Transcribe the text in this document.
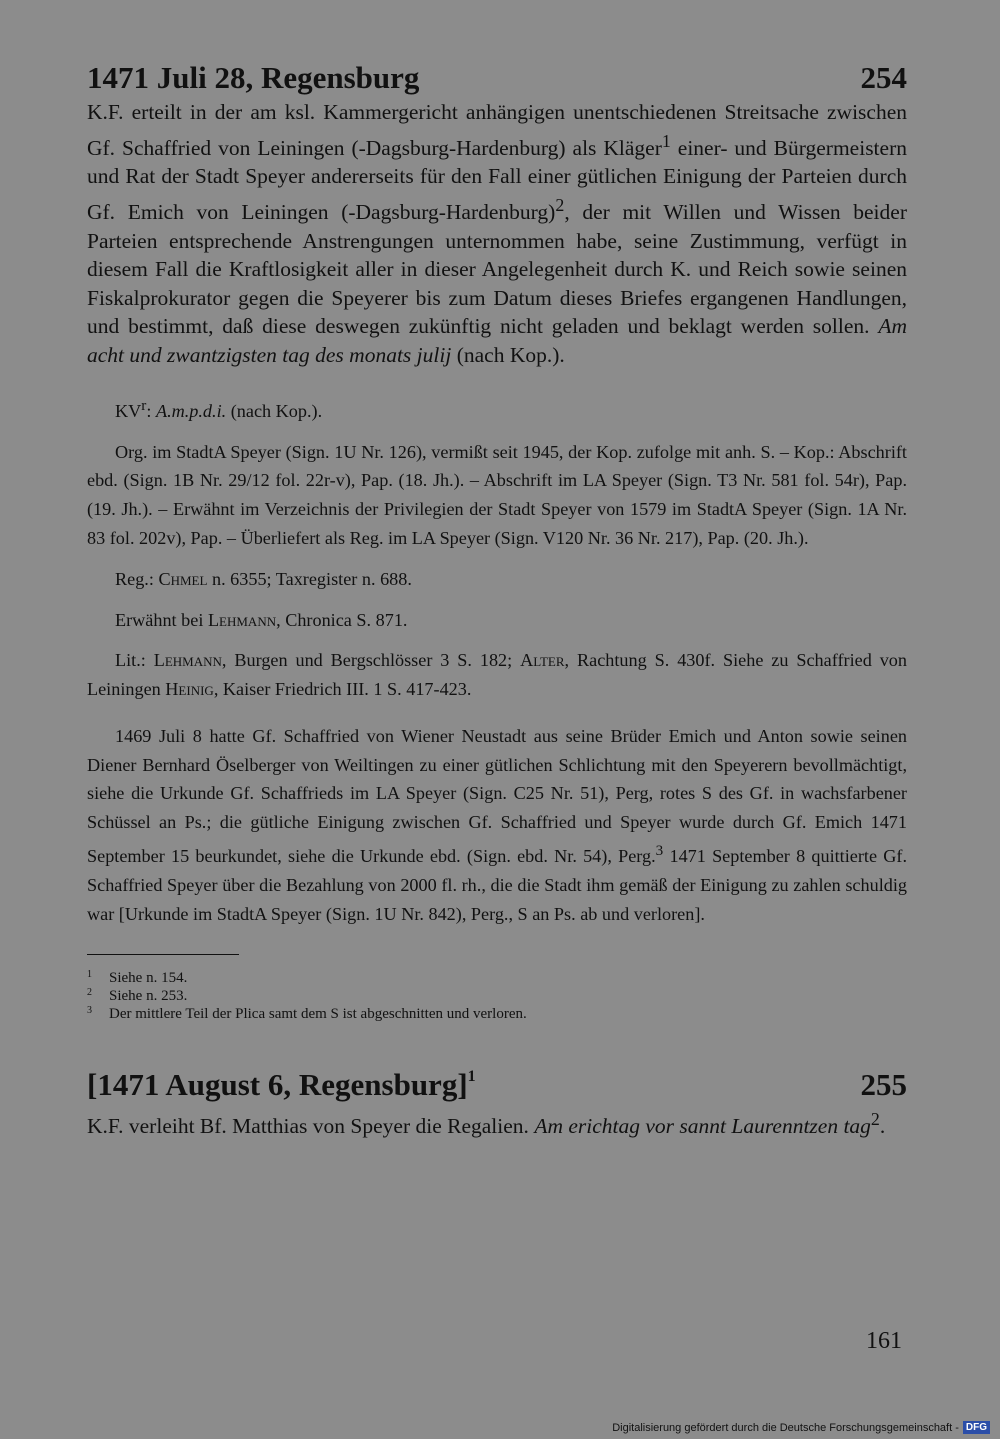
1471 Juli 28, Regensburg	254

K.F. erteilt in der am ksl. Kammergericht anhängigen unentschiedenen Streitsache zwischen Gf. Schaffried von Leiningen (-Dagsburg-Hardenburg) als Kläger$^1$ einer- und Bürgermeistern und Rat der Stadt Speyer andererseits für den Fall einer gütlichen Einigung der Parteien durch Gf. Emich von Leiningen (-Dagsburg-Hardenburg)$^2$, der mit Willen und Wissen beider Parteien entsprechende Anstrengungen unternommen habe, seine Zustimmung, verfügt in diesem Fall die Kraftlosigkeit aller in dieser Angelegenheit durch K. und Reich sowie seinen Fiskalprokurator gegen die Speyerer bis zum Datum dieses Briefes ergangenen Handlungen, und bestimmt, daß diese deswegen zukünftig nicht geladen und beklagt werden sollen. Am acht und zwantzigsten tag des monats julij (nach Kop.).

$KV^r$: A.m.p.d.i. (nach Kop.).

Org. im StadtA Speyer (Sign. 1U Nr. 126), vermißt seit 1945, der Kop. zufolge mit anh. S. – Kop.: Abschrift ebd. (Sign. 1B Nr. 29/12 fol. 22r-v), Pap. (18. Jh.). – Abschrift im LA Speyer (Sign. T3 Nr. 581 fol. 54r), Pap. (19. Jh.). – Erwähnt im Verzeichnis der Privilegien der Stadt Speyer von 1579 im StadtA Speyer (Sign. 1A Nr. 83 fol. 202v), Pap. – Überliefert als Reg. im LA Speyer (Sign. V120 Nr. 36 Nr. 217), Pap. (20. Jh.).

Reg.: Chmel n. 6355; Taxregister n. 688.

Erwähnt bei Lehmann, Chronica S. 871.

Lit.: Lehmann, Burgen und Bergschlösser 3 S. 182; Alter, Rachtung S. 430f. Siehe zu Schaffried von Leiningen Heinig, Kaiser Friedrich III. 1 S. 417-423.

1469 Juli 8 hatte Gf. Schaffried von Wiener Neustadt aus seine Brüder Emich und Anton sowie seinen Diener Bernhard Öselberger von Weiltingen zu einer gütlichen Schlichtung mit den Speyerern bevollmächtigt, siehe die Urkunde Gf. Schaffrieds im LA Speyer (Sign. C25 Nr. 51), Perg, rotes S des Gf. in wachsfarbener Schüssel an Ps.; die gütliche Einigung zwischen Gf. Schaffried und Speyer wurde durch Gf. Emich 1471 September 15 beurkundet, siehe die Urkunde ebd. (Sign. ebd. Nr. 54), Perg.$^3$ 1471 September 8 quittierte Gf. Schaffried Speyer über die Bezahlung von 2000 fl. rh., die die Stadt ihm gemäß der Einigung zu zahlen schuldig war [Urkunde im StadtA Speyer (Sign. 1U Nr. 842), Perg., S an Ps. ab und verloren].

1	Siehe n. 154.
2	Siehe n. 253.
3	Der mittlere Teil der Plica samt dem S ist abgeschnitten und verloren.
[1471 August 6, Regensburg]$^1$	255

K.F. verleiht Bf. Matthias von Speyer die Regalien. Am erichtag vor sannt Laurenntzen tag$^2$.

161
Digitalisierung gefördert durch die Deutsche Forschungsgemeinschaft - DFG
